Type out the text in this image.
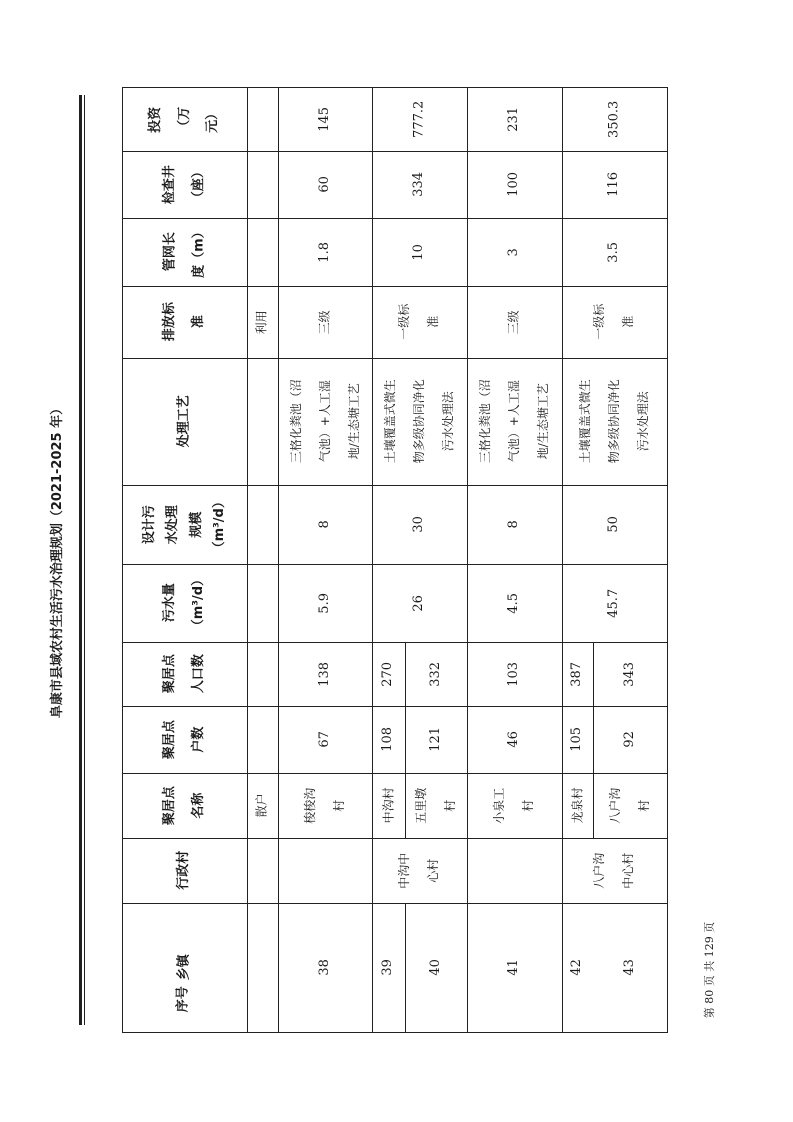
阜康市县域农村生活污水治理规划（2021-2025 年）
第 80 页 共 129 页
投资
（万
元）
检查井
（座）
管网长
度（m）
排放标
准
处理工艺
设计污
水处理
规模
（m³/d）
污水量
（m³/d）
聚居点
人口数
聚居点
户数
聚居点
名称
行政村
乡镇
散户
利用
38
梭梭沟
村
67
138
5.9
8
三格化粪池（沼
气池）+人工湿
地/生态塘工艺
三级
1.8
60
145
39
中沟村
108
270
40
五里墩
村
121
332
中沟中
心村
26
30
土壤覆盖式微生
物多级协同净化
污水处理法
一级标
准
10
334
777.2
41
小泉工
村
46
103
4.5
8
三格化粪池（沼
气池）+人工湿
地/生态塘工艺
三级
3
100
231
42
龙泉村
105
387
43
八户沟
村
92
343
八户沟
中心村
45.7
50
土壤覆盖式微生
物多级协同净化
污水处理法
一级标
准
3.5
116
350.3
序号
